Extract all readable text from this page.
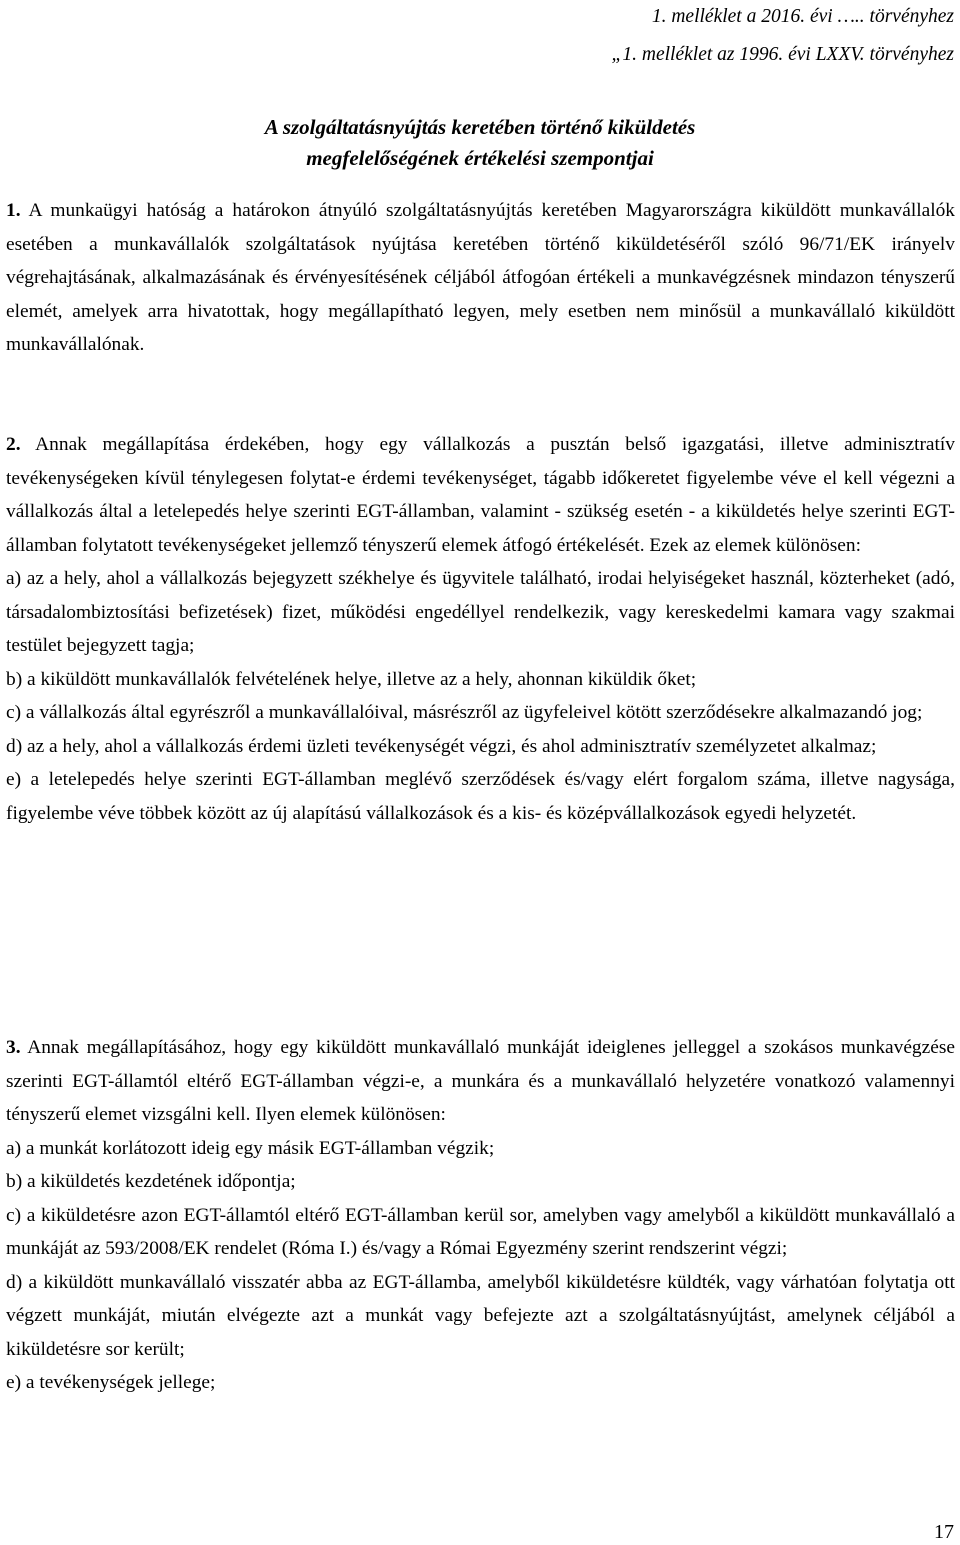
1. melléklet a 2016. évi ….. törvényhez
„1. melléklet az 1996. évi LXXV. törvényhez
A szolgáltatásnyújtás keretében történő kiküldetés
megfelelőségének értékelési szempontjai
1. A munkaügyi hatóság a határokon átnyúló szolgáltatásnyújtás keretében Magyarországra kiküldött munkavállalók esetében a munkavállalók szolgáltatások nyújtása keretében történő kiküldetéséről szóló 96/71/EK irányelv végrehajtásának, alkalmazásának és érvényesítésének céljából átfogóan értékeli a munkavégzésnek mindazon tényszerű elemét, amelyek arra hivatottak, hogy megállapítható legyen, mely esetben nem minősül a munkavállaló kiküldött munkavállalónak.
2. Annak megállapítása érdekében, hogy egy vállalkozás a pusztán belső igazgatási, illetve adminisztratív tevékenységeken kívül ténylegesen folytat-e érdemi tevékenységet, tágabb időkeretet figyelembe véve el kell végezni a vállalkozás által a letelepedés helye szerinti EGT-államban, valamint - szükség esetén - a kiküldetés helye szerinti EGT-államban folytatott tevékenységeket jellemző tényszerű elemek átfogó értékelését. Ezek az elemek különösen:
a) az a hely, ahol a vállalkozás bejegyzett székhelye és ügyvitele található, irodai helyiségeket használ, közterheket (adó, társadalombiztosítási befizetések) fizet, működési engedéllyel rendelkezik, vagy kereskedelmi kamara vagy szakmai testület bejegyzett tagja;
b) a kiküldött munkavállalók felvételének helye, illetve az a hely, ahonnan kiküldik őket;
c) a vállalkozás által egyrészről a munkavállalóival, másrészről az ügyfeleivel kötött szerződésekre alkalmazandó jog;
d) az a hely, ahol a vállalkozás érdemi üzleti tevékenységét végzi, és ahol adminisztratív személyzetet alkalmaz;
e) a letelepedés helye szerinti EGT-államban meglévő szerződések és/vagy elért forgalom száma, illetve nagysága, figyelembe véve többek között az új alapítású vállalkozások és a kis- és középvállalkozások egyedi helyzetét.
3. Annak megállapításához, hogy egy kiküldött munkavállaló munkáját ideiglenes jelleggel a szokásos munkavégzése szerinti EGT-államtól eltérő EGT-államban végzi-e, a munkára és a munkavállaló helyzetére vonatkozó valamennyi tényszerű elemet vizsgálni kell. Ilyen elemek különösen:
a) a munkát korlátozott ideig egy másik EGT-államban végzik;
b) a kiküldetés kezdetének időpontja;
c) a kiküldetésre azon EGT-államtól eltérő EGT-államban kerül sor, amelyben vagy amelyből a kiküldött munkavállaló a munkáját az 593/2008/EK rendelet (Róma I.) és/vagy a Római Egyezmény szerint rendszerint végzi;
d) a kiküldött munkavállaló visszatér abba az EGT-államba, amelyből kiküldetésre küldték, vagy várhatóan folytatja ott végzett munkáját, miután elvégezte azt a munkát vagy befejezte azt a szolgáltatásnyújtást, amelynek céljából a kiküldetésre sor került;
e) a tevékenységek jellege;
17
